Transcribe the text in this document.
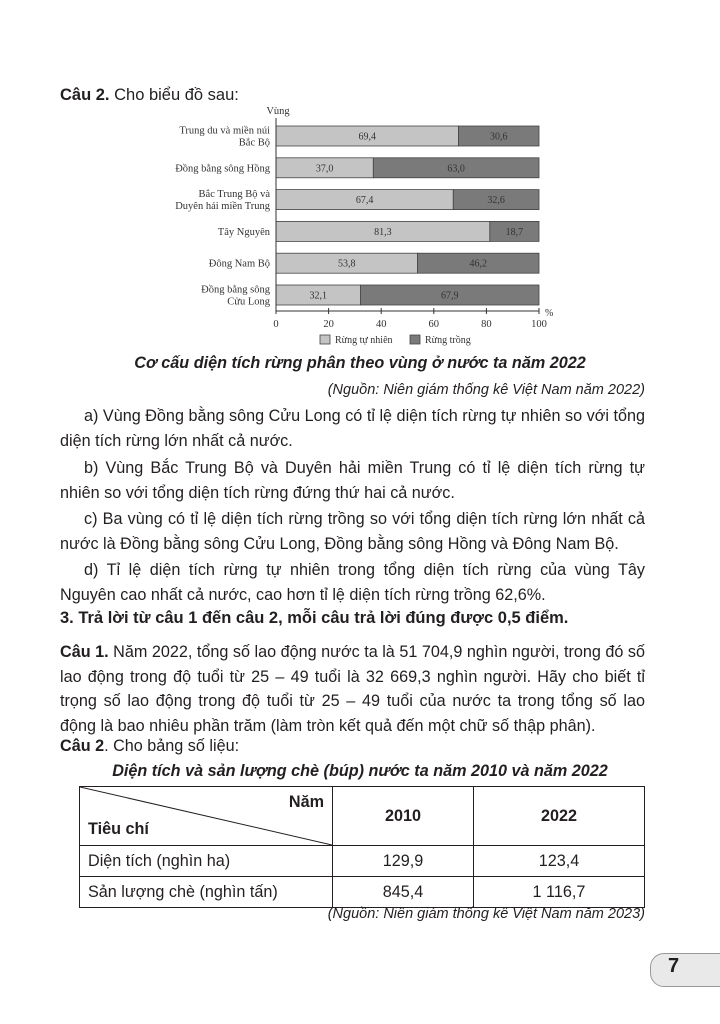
Câu 2. Cho biểu đồ sau:
Vùng
69,4	30,6
37,0	63,0
67,4	32,6
81,3	18,7
53,8	46,2
32,1	67,9
Trung du và miền núi
Bắc Bộ
Đồng bằng sông Hồng
Bắc Trung Bộ và
Duyên hải miền Trung
Tây Nguyên
Đông Nam Bộ
Đồng bằng sông
Cửu Long
0	20	40	60	80	100
%
Rừng tự nhiên	Rừng trồng
Cơ cấu diện tích rừng phân theo vùng ở nước ta năm 2022
(Nguồn: Niên giám thống kê Việt Nam năm 2022)
a) Vùng Đồng bằng sông Cửu Long có tỉ lệ diện tích rừng tự nhiên so với tổng diện tích rừng lớn nhất cả nước.
b) Vùng Bắc Trung Bộ và Duyên hải miền Trung có tỉ lệ diện tích rừng tự nhiên so với tổng diện tích rừng đứng thứ hai cả nước.
c) Ba vùng có tỉ lệ diện tích rừng trồng so với tổng diện tích rừng lớn nhất cả nước là Đồng bằng sông Cửu Long, Đồng bằng sông Hồng và Đông Nam Bộ.
d) Tỉ lệ diện tích rừng tự nhiên trong tổng diện tích rừng của vùng Tây Nguyên cao nhất cả nước, cao hơn tỉ lệ diện tích rừng trồng 62,6%.
3. Trả lời từ câu 1 đến câu 2, mỗi câu trả lời đúng được 0,5 điểm.
Câu 1. Năm 2022, tổng số lao động nước ta là 51 704,9 nghìn người, trong đó số lao động trong độ tuổi từ 25 – 49 tuổi là 32 669,3 nghìn người. Hãy cho biết tỉ trọng số lao động trong độ tuổi từ 25 – 49 tuổi của nước ta trong tổng số lao động là bao nhiêu phần trăm (làm tròn kết quả đến một chữ số thập phân).
Câu 2. Cho bảng số liệu:
Diện tích và sản lượng chè (búp) nước ta năm 2010 và năm 2022
Năm
Tiêu chí	2010	2022
Diện tích (nghìn ha)	129,9	123,4
Sản lượng chè (nghìn tấn)	845,4	1 116,7
(Nguồn: Niên giám thống kê Việt Nam năm 2023)
7
